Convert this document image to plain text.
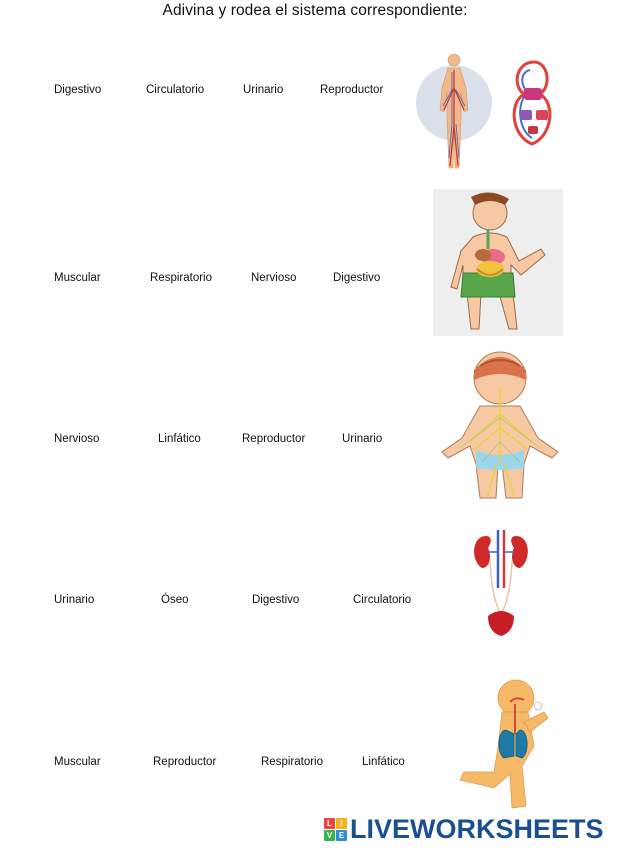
Adivina y rodea el sistema correspondiente:
Digestivo	Circulatorio	Urinario	Reproductor
Muscular	Respiratorio	Nervioso	Digestivo
Nervioso	Linfático	Reproductor	Urinario
Urinario	Óseo	Digestivo	Circulatorio
Muscular	Reproductor	Respiratorio	Linfático
L	I
V E LIVEWORKSHEETS
